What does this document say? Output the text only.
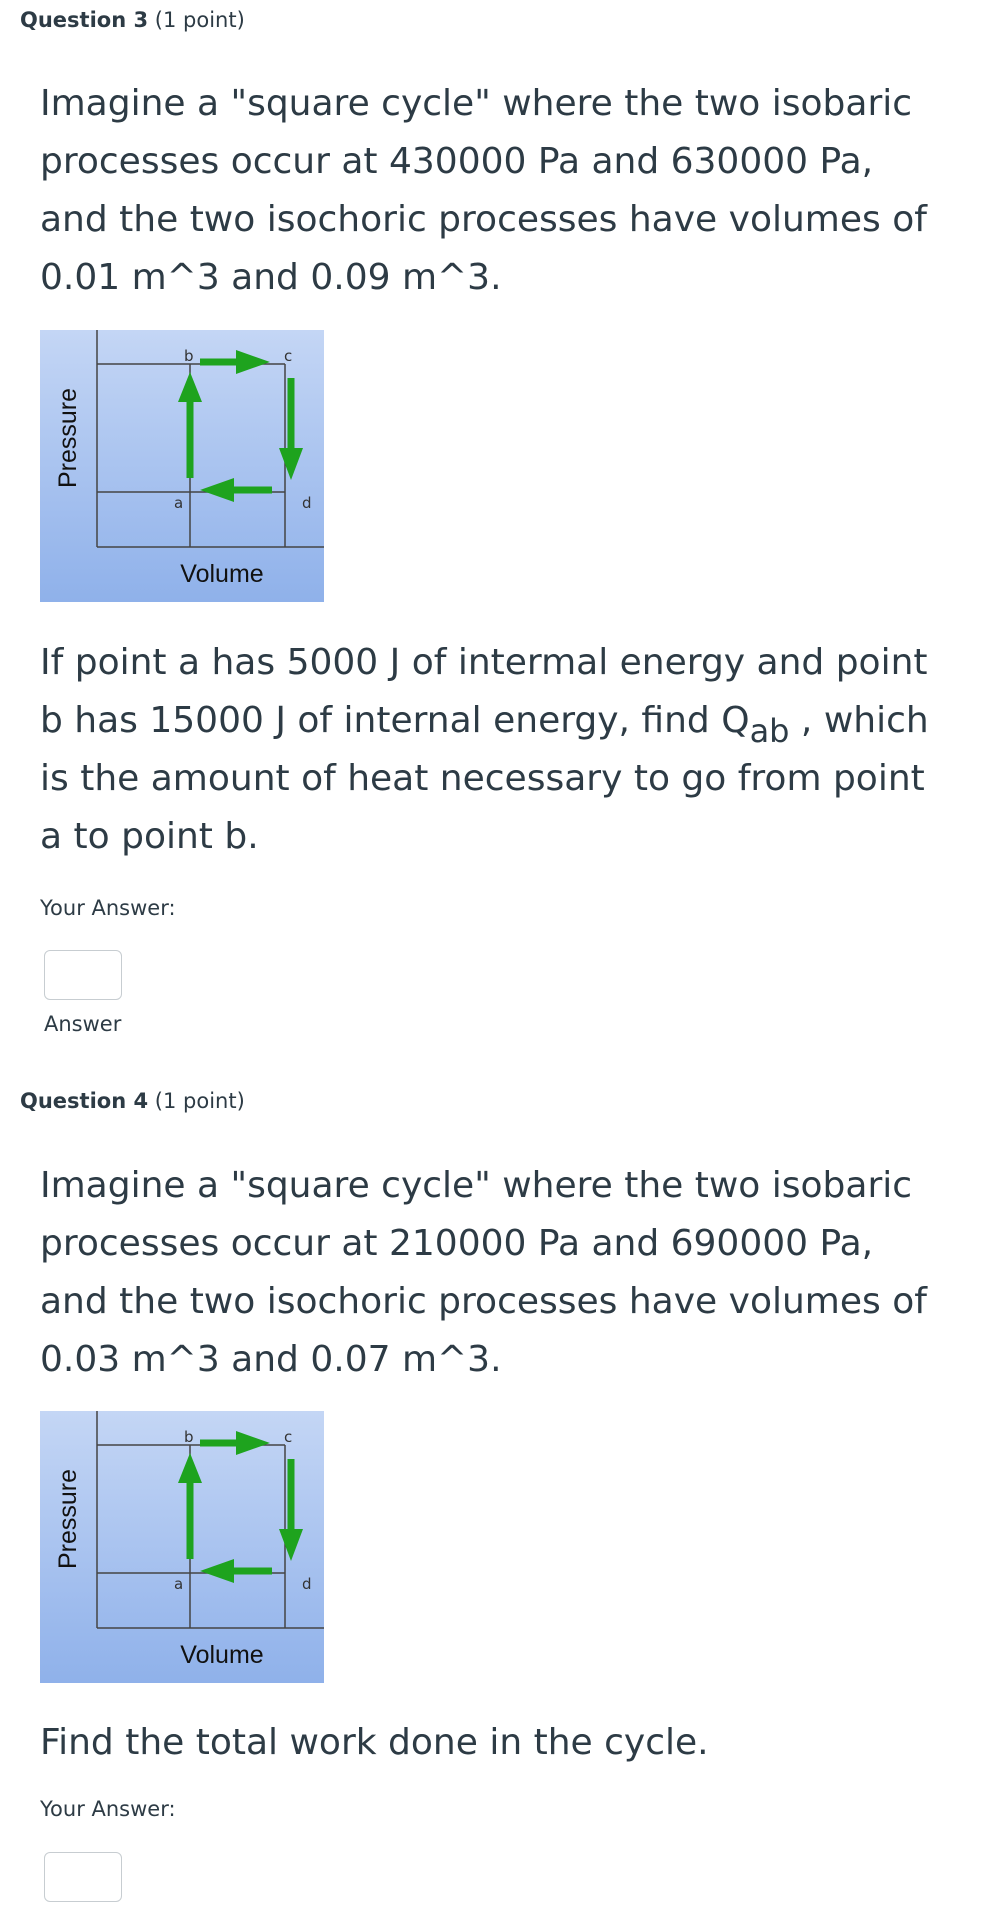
Question 3 (1 point)

Imagine a "square cycle" where the two isobaric processes occur at 430000 Pa and 630000 Pa, and the two isochoric processes have volumes of 0.01 m^3 and 0.09 m^3.

b	c
a	d
Volume
Pressure

If point a has 5000 J of intermal energy and point b has 15000 J of internal energy, find $Q_{ab}$ , which is the amount of heat necessary to go from point a to point b.

Your Answer:
Answer
Question 4 (1 point)

Imagine a "square cycle" where the two isobaric processes occur at 210000 Pa and 690000 Pa, and the two isochoric processes have volumes of 0.03 m^3 and 0.07 m^3.

b	c
a	d
Volume
Pressure

Find the total work done in the cycle.

Your Answer:
